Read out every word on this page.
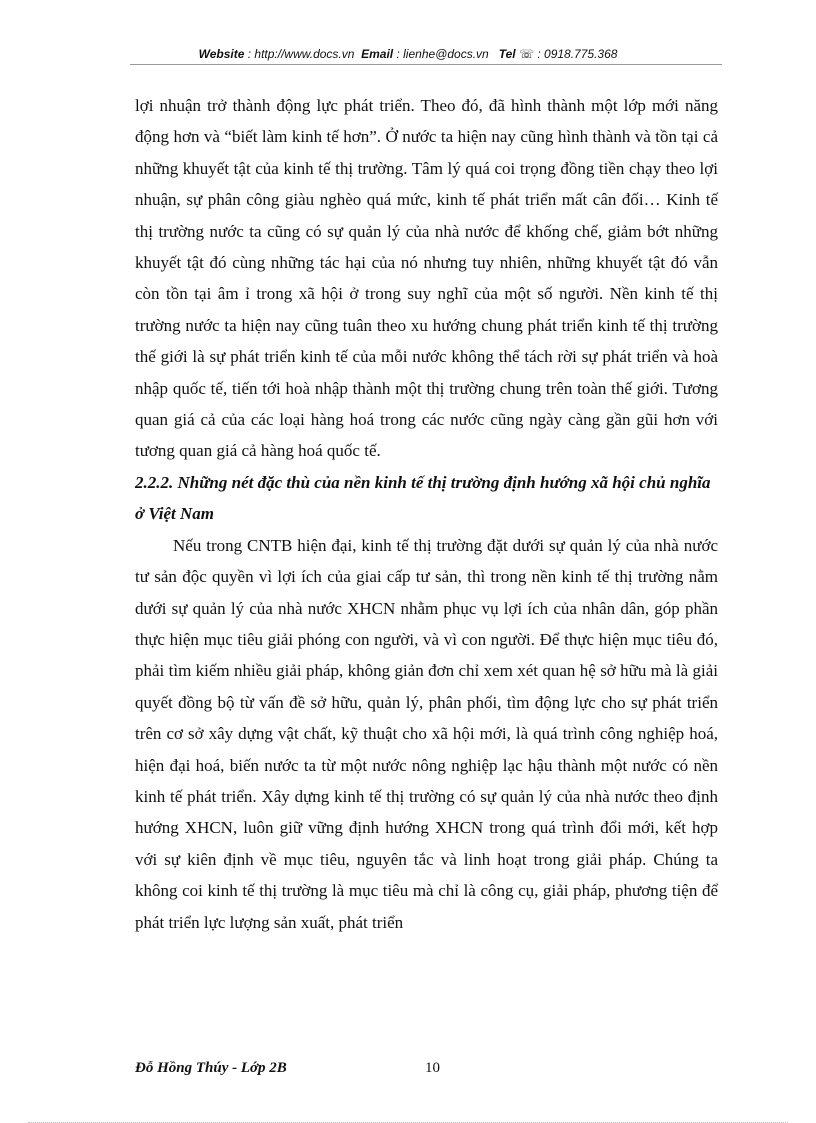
Website : http://www.docs.vn Email : lienhe@docs.vn Tel ☏ : 0918.775.368

lợi nhuận trở thành động lực phát triển. Theo đó, đã hình thành một lớp mới năng động hơn và “biết làm kinh tế hơn”. Ở nước ta hiện nay cũng hình thành và tồn tại cả những khuyết tật của kinh tế thị trường. Tâm lý quá coi trọng đồng tiền chạy theo lợi nhuận, sự phân công giàu nghèo quá mức, kinh tế phát triển mất cân đối… Kinh tế thị trường nước ta cũng có sự quản lý của nhà nước để khống chế, giảm bớt những khuyết tật đó cùng những tác hại của nó nhưng tuy nhiên, những khuyết tật đó vẫn còn tồn tại âm ỉ trong xã hội ở trong suy nghĩ của một số người. Nền kinh tế thị trường nước ta hiện nay cũng tuân theo xu hướng chung phát triển kinh tế thị trường thế giới là sự phát triển kinh tế của mỗi nước không thể tách rời sự phát triển và hoà nhập quốc tế, tiến tới hoà nhập thành một thị trường chung trên toàn thế giới. Tương quan giá cả của các loại hàng hoá trong các nước cũng ngày càng gần gũi hơn với tương quan giá cả hàng hoá quốc tế.

2.2.2. Những nét đặc thù của nền kinh tế thị trường định hướng xã hội chủ nghĩa ở Việt Nam

Nếu trong CNTB hiện đại, kinh tế thị trường đặt dưới sự quản lý của nhà nước tư sản độc quyền vì lợi ích của giai cấp tư sản, thì trong nền kinh tế thị trường nằm dưới sự quản lý của nhà nước XHCN nhằm phục vụ lợi ích của nhân dân, góp phần thực hiện mục tiêu giải phóng con người, và vì con người. Để thực hiện mục tiêu đó, phải tìm kiếm nhiều giải pháp, không giản đơn chỉ xem xét quan hệ sở hữu mà là giải quyết đồng bộ từ vấn đề sở hữu, quản lý, phân phối, tìm động lực cho sự phát triển trên cơ sở xây dựng vật chất, kỹ thuật cho xã hội mới, là quá trình công nghiệp hoá, hiện đại hoá, biến nước ta từ một nước nông nghiệp lạc hậu thành một nước có nền kinh tế phát triển. Xây dựng kinh tế thị trường có sự quản lý của nhà nước theo định hướng XHCN, luôn giữ vững định hướng XHCN trong quá trình đổi mới, kết hợp với sự kiên định về mục tiêu, nguyên tắc và linh hoạt trong giải pháp. Chúng ta không coi kinh tế thị trường là mục tiêu mà chỉ là công cụ, giải pháp, phương tiện để phát triển lực lượng sản xuất, phát triển

Đỗ Hồng Thúy - Lớp 2B	10
